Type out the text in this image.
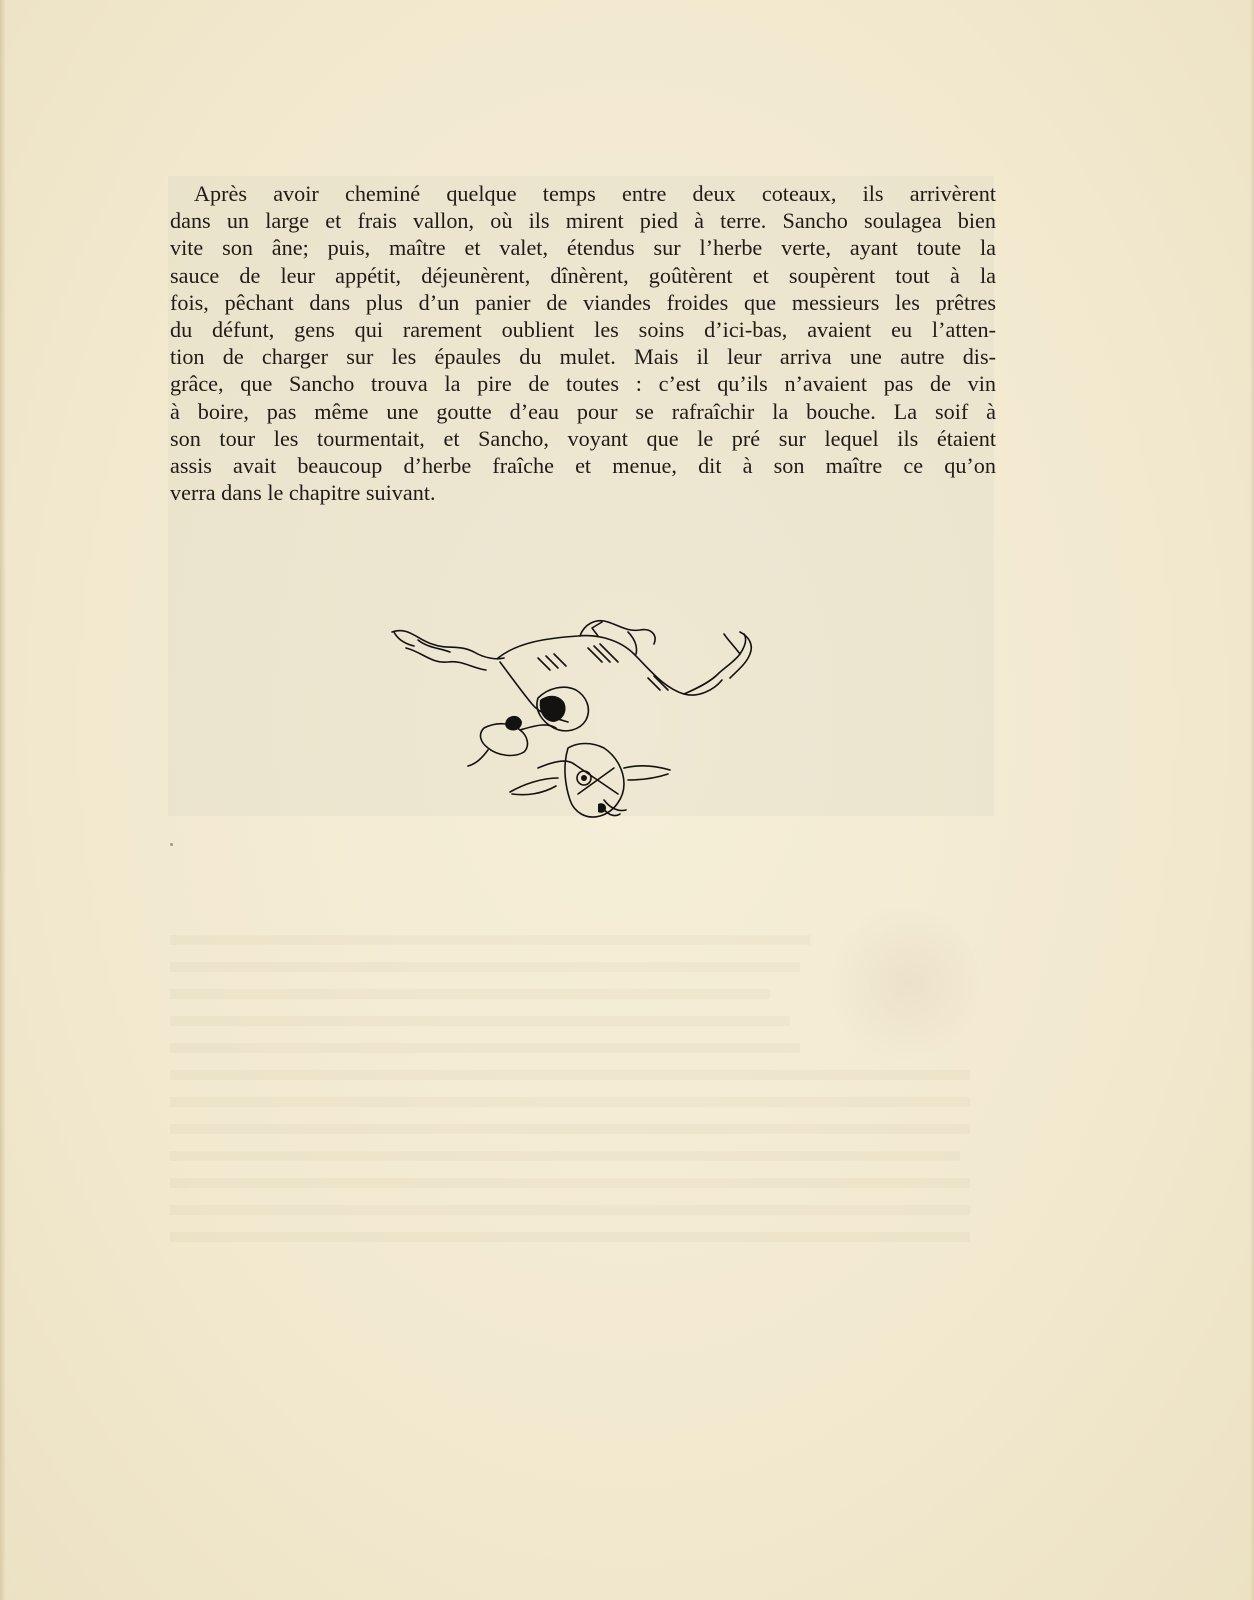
Après avoir cheminé quelque temps entre deux coteaux, ils arrivèrent
dans un large et frais vallon, où ils mirent pied à terre. Sancho soulagea bien
vite son âne; puis, maître et valet, étendus sur l’herbe verte, ayant toute la
sauce de leur appétit, déjeunèrent, dînèrent, goûtèrent et soupèrent tout à la
fois, pêchant dans plus d’un panier de viandes froides que messieurs les prêtres
du défunt, gens qui rarement oublient les soins d’ici-bas, avaient eu l’atten-
tion de charger sur les épaules du mulet. Mais il leur arriva une autre dis-
grâce, que Sancho trouva la pire de toutes : c’est qu’ils n’avaient pas de vin
à boire, pas même une goutte d’eau pour se rafraîchir la bouche. La soif à
son tour les tourmentait, et Sancho, voyant que le pré sur lequel ils étaient
assis avait beaucoup d’herbe fraîche et menue, dit à son maître ce qu’on
verra dans le chapitre suivant.
